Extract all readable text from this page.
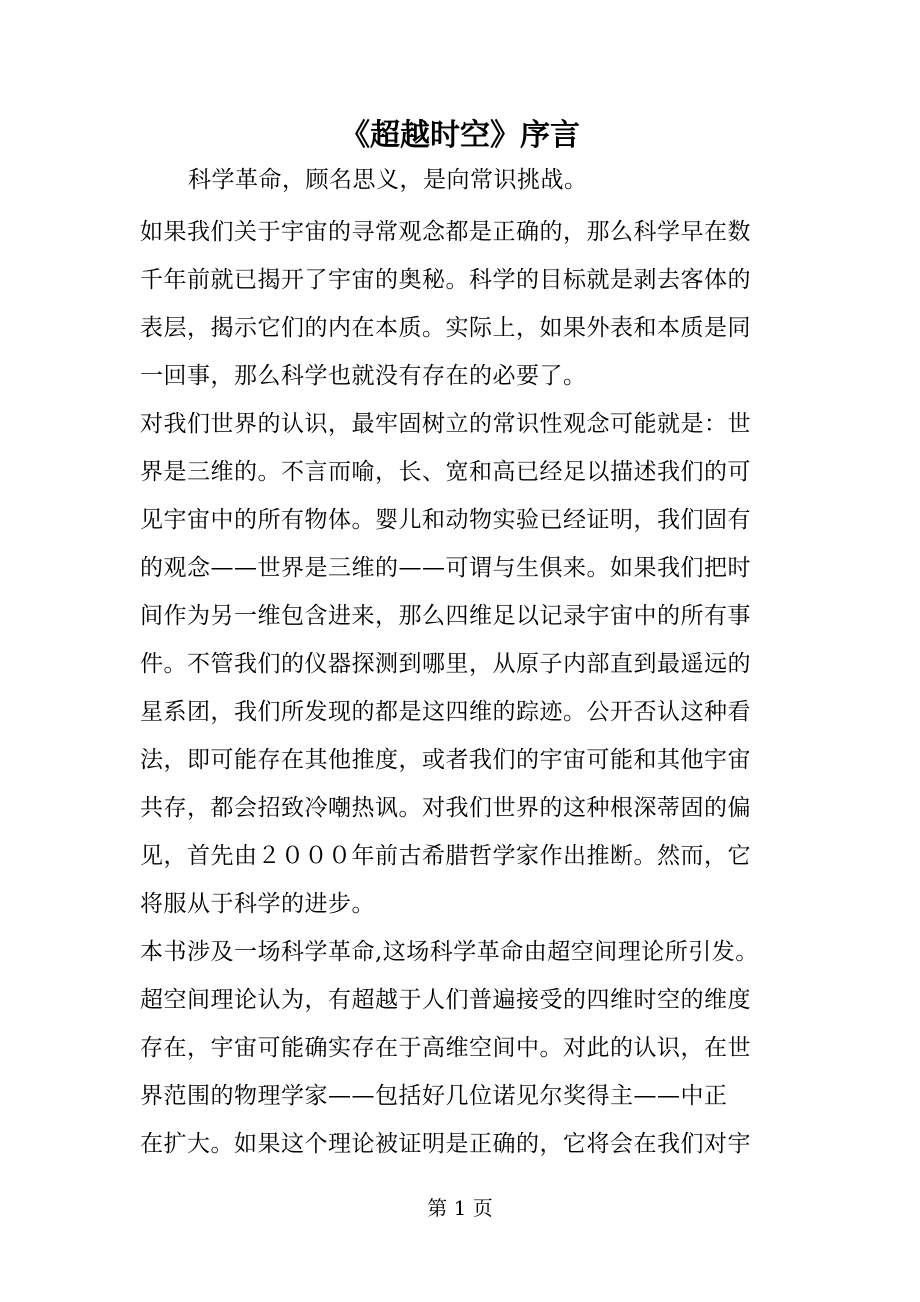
《超越时空》序言
科学革命，顾名思义，是向常识挑战。
如果我们关于宇宙的寻常观念都是正确的，那么科学早在数
千年前就已揭开了宇宙的奥秘。科学的目标就是剥去客体的
表层，揭示它们的内在本质。实际上，如果外表和本质是同
一回事，那么科学也就没有存在的必要了。
对我们世界的认识，最牢固树立的常识性观念可能就是：世
界是三维的。不言而喻，长、宽和高已经足以描述我们的可
见宇宙中的所有物体。婴儿和动物实验已经证明，我们固有
的观念——世界是三维的——可谓与生俱来。如果我们把时
间作为另一维包含进来，那么四维足以记录宇宙中的所有事
件。不管我们的仪器探测到哪里，从原子内部直到最遥远的
星系团，我们所发现的都是这四维的踪迹。公开否认这种看
法，即可能存在其他推度，或者我们的宇宙可能和其他宇宙
共存，都会招致冷嘲热讽。对我们世界的这种根深蒂固的偏
见，首先由２０００年前古希腊哲学家作出推断。然而，它
将服从于科学的进步。
本书涉及一场科学革命,这场科学革命由超空间理论所引发。
超空间理论认为，有超越于人们普遍接受的四维时空的维度
存在，宇宙可能确实存在于高维空间中。对此的认识，在世
界范围的物理学家——包括好几位诺见尔奖得主——中正
在扩大。如果这个理论被证明是正确的，它将会在我们对宇
第 1 页
